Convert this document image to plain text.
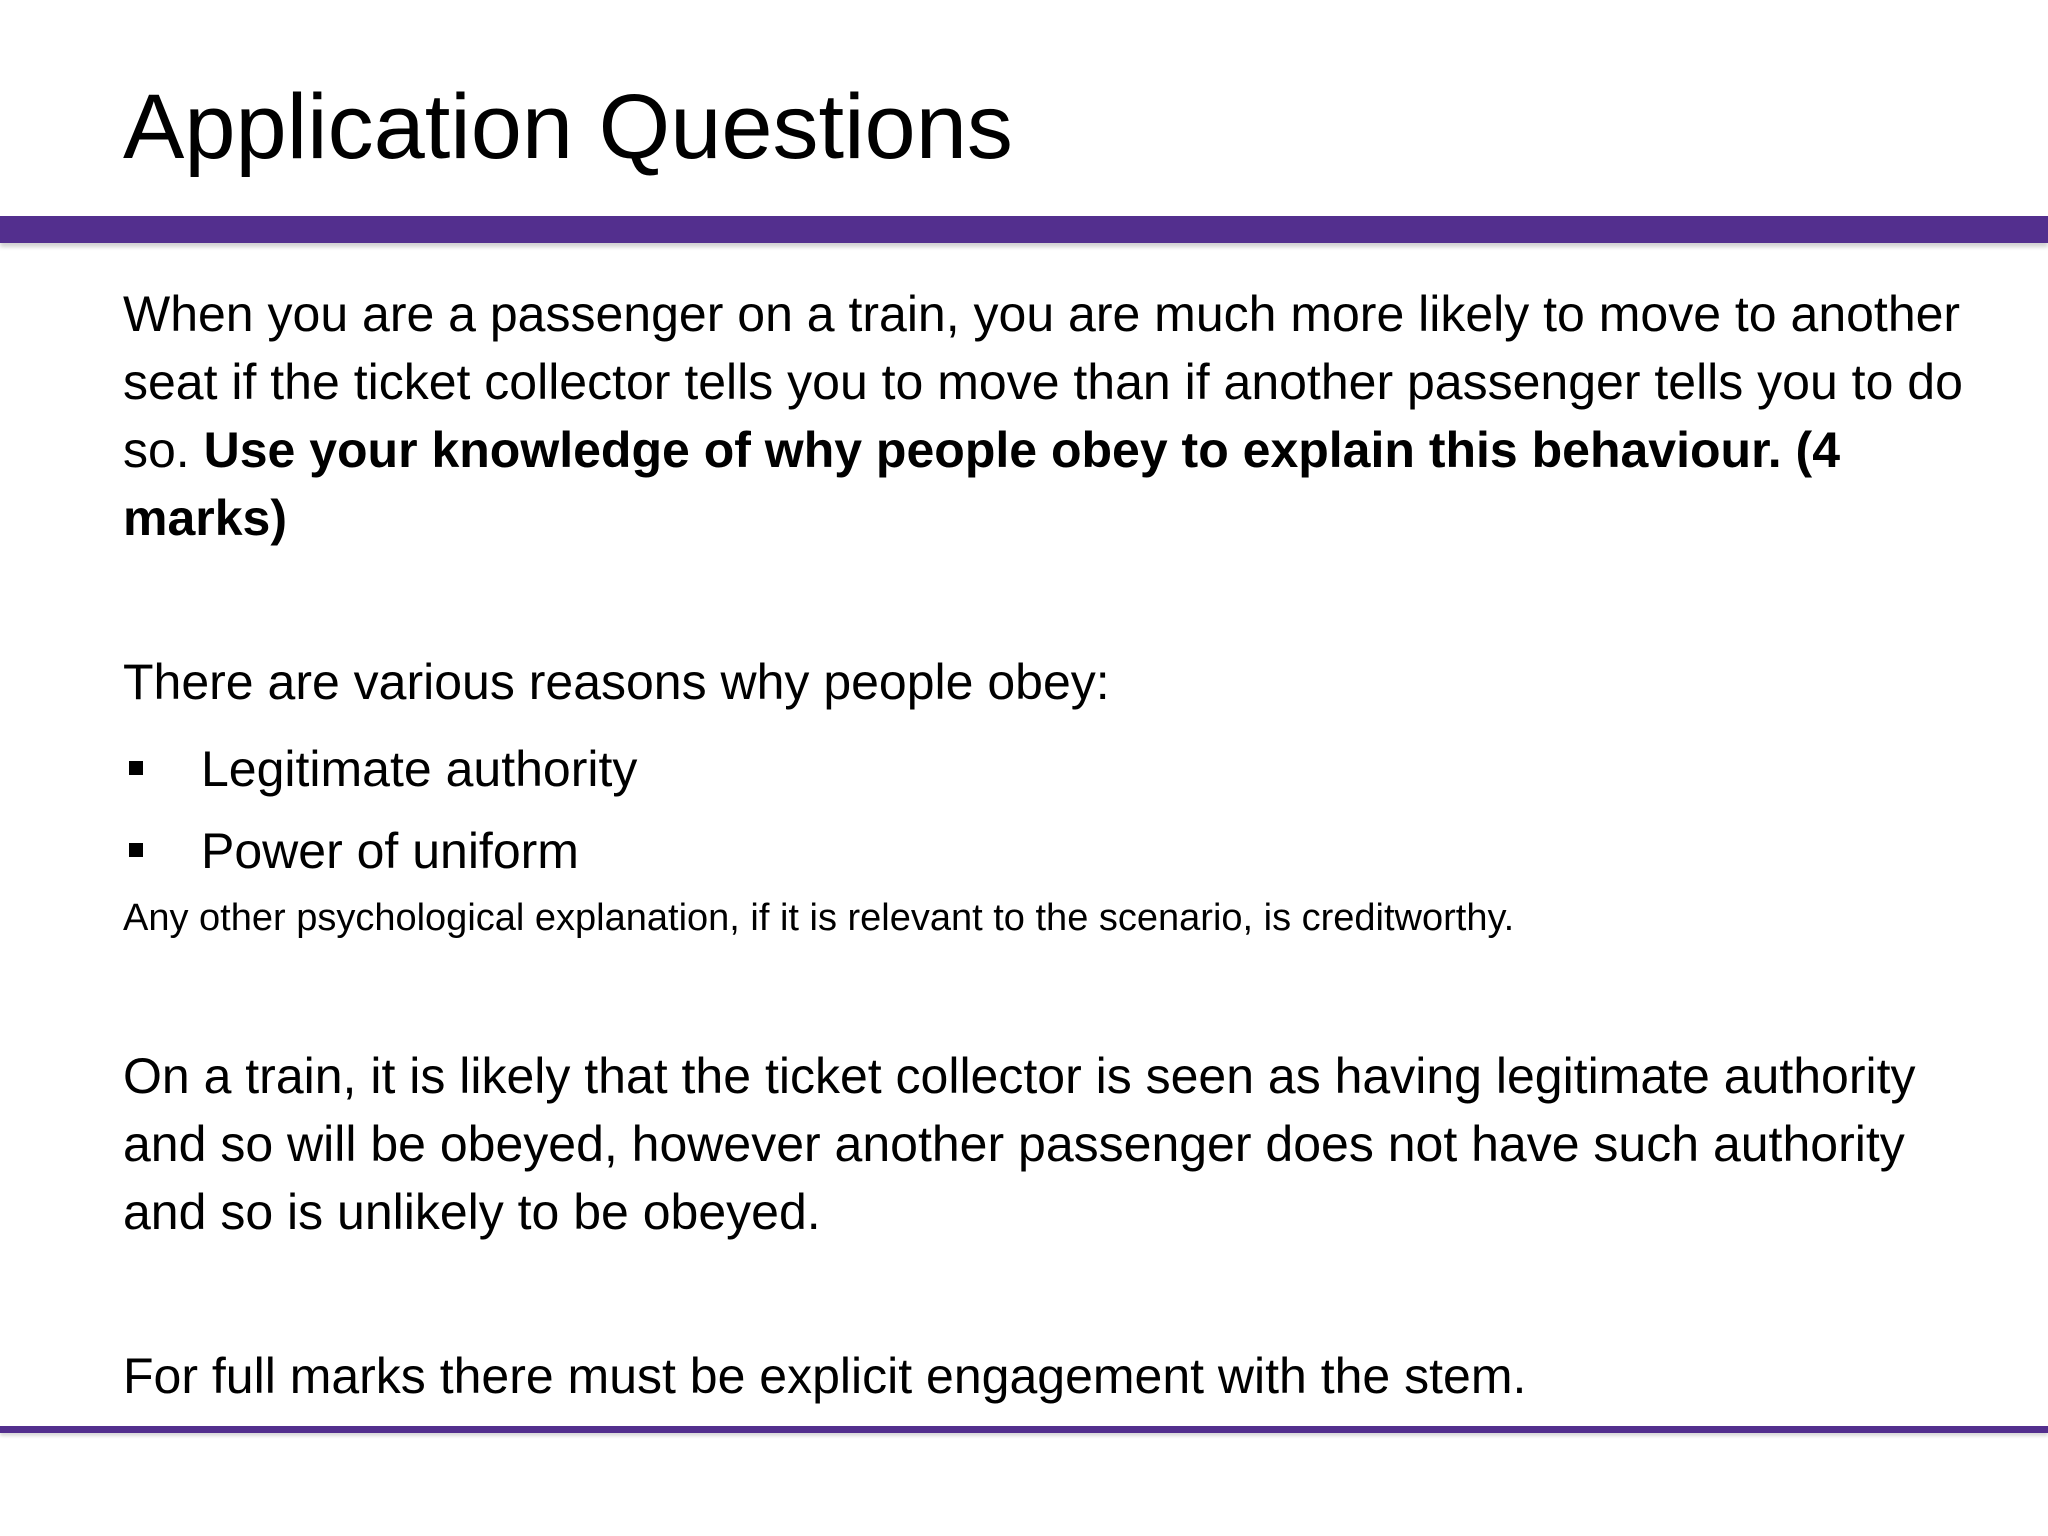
Application Questions

When you are a passenger on a train, you are much more likely to move to another seat if the ticket collector tells you to move than if another passenger tells you to do so. Use your knowledge of why people obey to explain this behaviour. (4 marks)

There are various reasons why people obey:

Legitimate authority
Power of uniform

Any other psychological explanation, if it is relevant to the scenario, is creditworthy.

On a train, it is likely that the ticket collector is seen as having legitimate authority and so will be obeyed, however another passenger does not have such authority and so is unlikely to be obeyed.

For full marks there must be explicit engagement with the stem.
